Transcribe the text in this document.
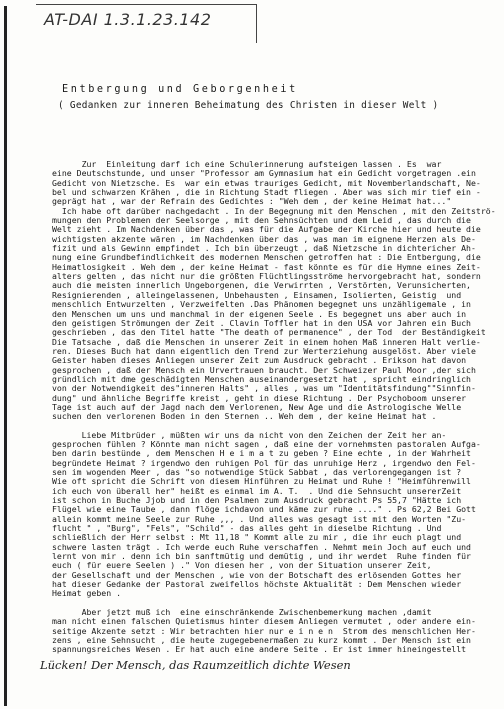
AT-DAI 1.3.1.23.142
Entbergung und Geborgenheit
( Gedanken zur inneren Beheimatung des Christen in dieser Welt )
Zur  Einleitung darf ich eine Schulerinnerung aufsteigen lassen . Es  war
eine Deutschstunde, und unser "Professor am Gymnasium hat ein Gedicht vorgetragen .ein
Gedicht von Nietzsche. Es  war ein etwas trauriges Gedicht, mit Novemberlandschaft, Ne-
bel und schwarzen Krähen , die in Richtung Stadt fliegen . Aber was sich mir tief ein -
geprägt hat , war der Refrain des Gedichtes : "Weh dem , der keine Heimat hat..."
Ich habe oft darüber nachgedacht . In der Begegnung mit den Menschen , mit den Zeitströ-
mungen den Problemen der Seelsorge , mit den Sehnsüchten und dem Leid , das durch die
Welt zieht . Im Nachdenken über das , was für die Aufgabe der Kirche hier und heute die
wichtigsten akzente wären , im Nachdenken über das , was man im eignene Herzen als De-
fizit und als Gewinn empfindet . Ich bin überzeugt , daß Nietzsche in dichtericher Ah-
nung eine Grundbefindlichkeit des modernen Menschen getroffen hat : Die Entbergung, die
Heimatlosigkeit . Weh dem , der keine Heimat - fast könnte es für die Hymne eines Zeit-
alters gelten , das nicht nur die größten Flüchtlingsströme hervorgebracht hat, sondern
auch die meisten innerlich Ungeborgenen, die Verwirrten , Verstörten, Verunsicherten,
Resignierenden , alleingelassenen, Unbehausten , Einsamen, Isolierten, Geistig  und
menschlich Entwurzelten , Verzweifelten .Das Phänomen begegnet uns unzähligemale , in
den Menschen um uns und manchmal in der eigenen Seele . Es begegnet uns aber auch in
den geistigen Strömungen der Zeit . Clavin Toffler hat in den USA vor Jahren ein Buch
geschrieben , das den Titel hatte "The death of permanence" , der Tod  der Beständigkeit
Die Tatsache , daß die Menschen in unserer Zeit in einem hohen Maß inneren Halt verlie-
ren. Dieses Buch hat dann eigentlich den Trend zur Werterziehung ausgelöst. Aber viele
Geister haben dieses Anliegen unserer Zeit zum Ausdruck gebracht . Erikson hat davon
gesprochen , daß der Mensch ein Urvertrauen braucht. Der Schweizer Paul Moor ,der sich
gründlich mit dme geschädigten Menschen auseinandergesetzt hat , spricht eindringlich
von der Notwendigkeit des"inneren Halts" , alles , was um "Identitätsfindung""Sinnfin-
dung" und ähnliche Begriffe kreist , geht in diese Richtung . Der Psychoboom unserer
Tage ist auch auf der Jagd nach dem Verlorenen, New Age und die Astrologische Welle
suchen den verlorenen Boden in den Sternen .. Weh dem , der keine Heimat hat .
Liebe Mitbrüder , müßten wir uns da nicht von den Zeichen der Zeit her an-
gesprochen fühlen ? Könnte man nicht sagen , daß eine der vornehmsten pastoralen Aufga-
ben darin bestünde , dem Menschen H e i m a t zu geben ? Eine echte , in der Wahrheit
begründete Heimat ? irgendwo den ruhigen Pol für das unruhige Herz , irgendwo den Fel-
sen im wogenden Meer , das "so notwendige Stück Sabbat , das verlorengegangen ist ?
Wie oft spricht die Schrift von diesem Hinführen zu Heimat und Ruhe ! "Heimführenwill
ich euch von überall her" heißt es einmal im A. T.  . Und die Sehnsucht unsererZeit
ist schon in Buche Jjob und in den Psalmen zum Ausdruck gebracht Ps 55,7 "Hätte ich
Flügel wie eine Taube , dann flöge ichdavon und käme zur ruhe ...." . Ps 62,2 Bei Gott
allein kommt meine Seele zur Ruhe ,,, . Und alles was gesagt ist mit den Worten "Zu-
flucht " , "Burg", "Fels", "Schild" - das alles geht in dieselbe Richtung . Und
schließlich der Herr selbst : Mt 11,18 " Kommt alle zu mir , die ihr euch plagt und
schwere lasten trägt . Ich werde euch Ruhe verschaffen . Nehmt mein Joch auf euch und
lernt von mir . denn ich bin sanftmütig und demütig , und ihr werdet  Ruhe finden für
euch ( für euere Seelen ) ." Von diesen her , von der Situation unserer Zeit,
der Gesellschaft und der Menschen , wie von der Botschaft des erlösenden Gottes her
hat dieser Gedanke der Pastoral zweifellos höchste Aktualität : Dem Menschen wieder
Heimat geben .
Aber jetzt muß ich  eine einschränkende Zwischenbemerkung machen ,damit
man nicht einen falschen Quietismus hinter diesem Anliegen vermutet , oder andere ein-
seitige Akzente setzt : Wir betrachten hier nur e i n e n  Strom des menschlichen Her-
zens , eine Sehnsucht , die heute zugegebenermaßen zu kurz kommt . Der Mensch ist ein
spannungsreiches Wesen . Er hat auch eine andere Seite . Er ist immer hineingestellt
Lücken! Der Mensch, das Raumzeitlich dichte Wesen
